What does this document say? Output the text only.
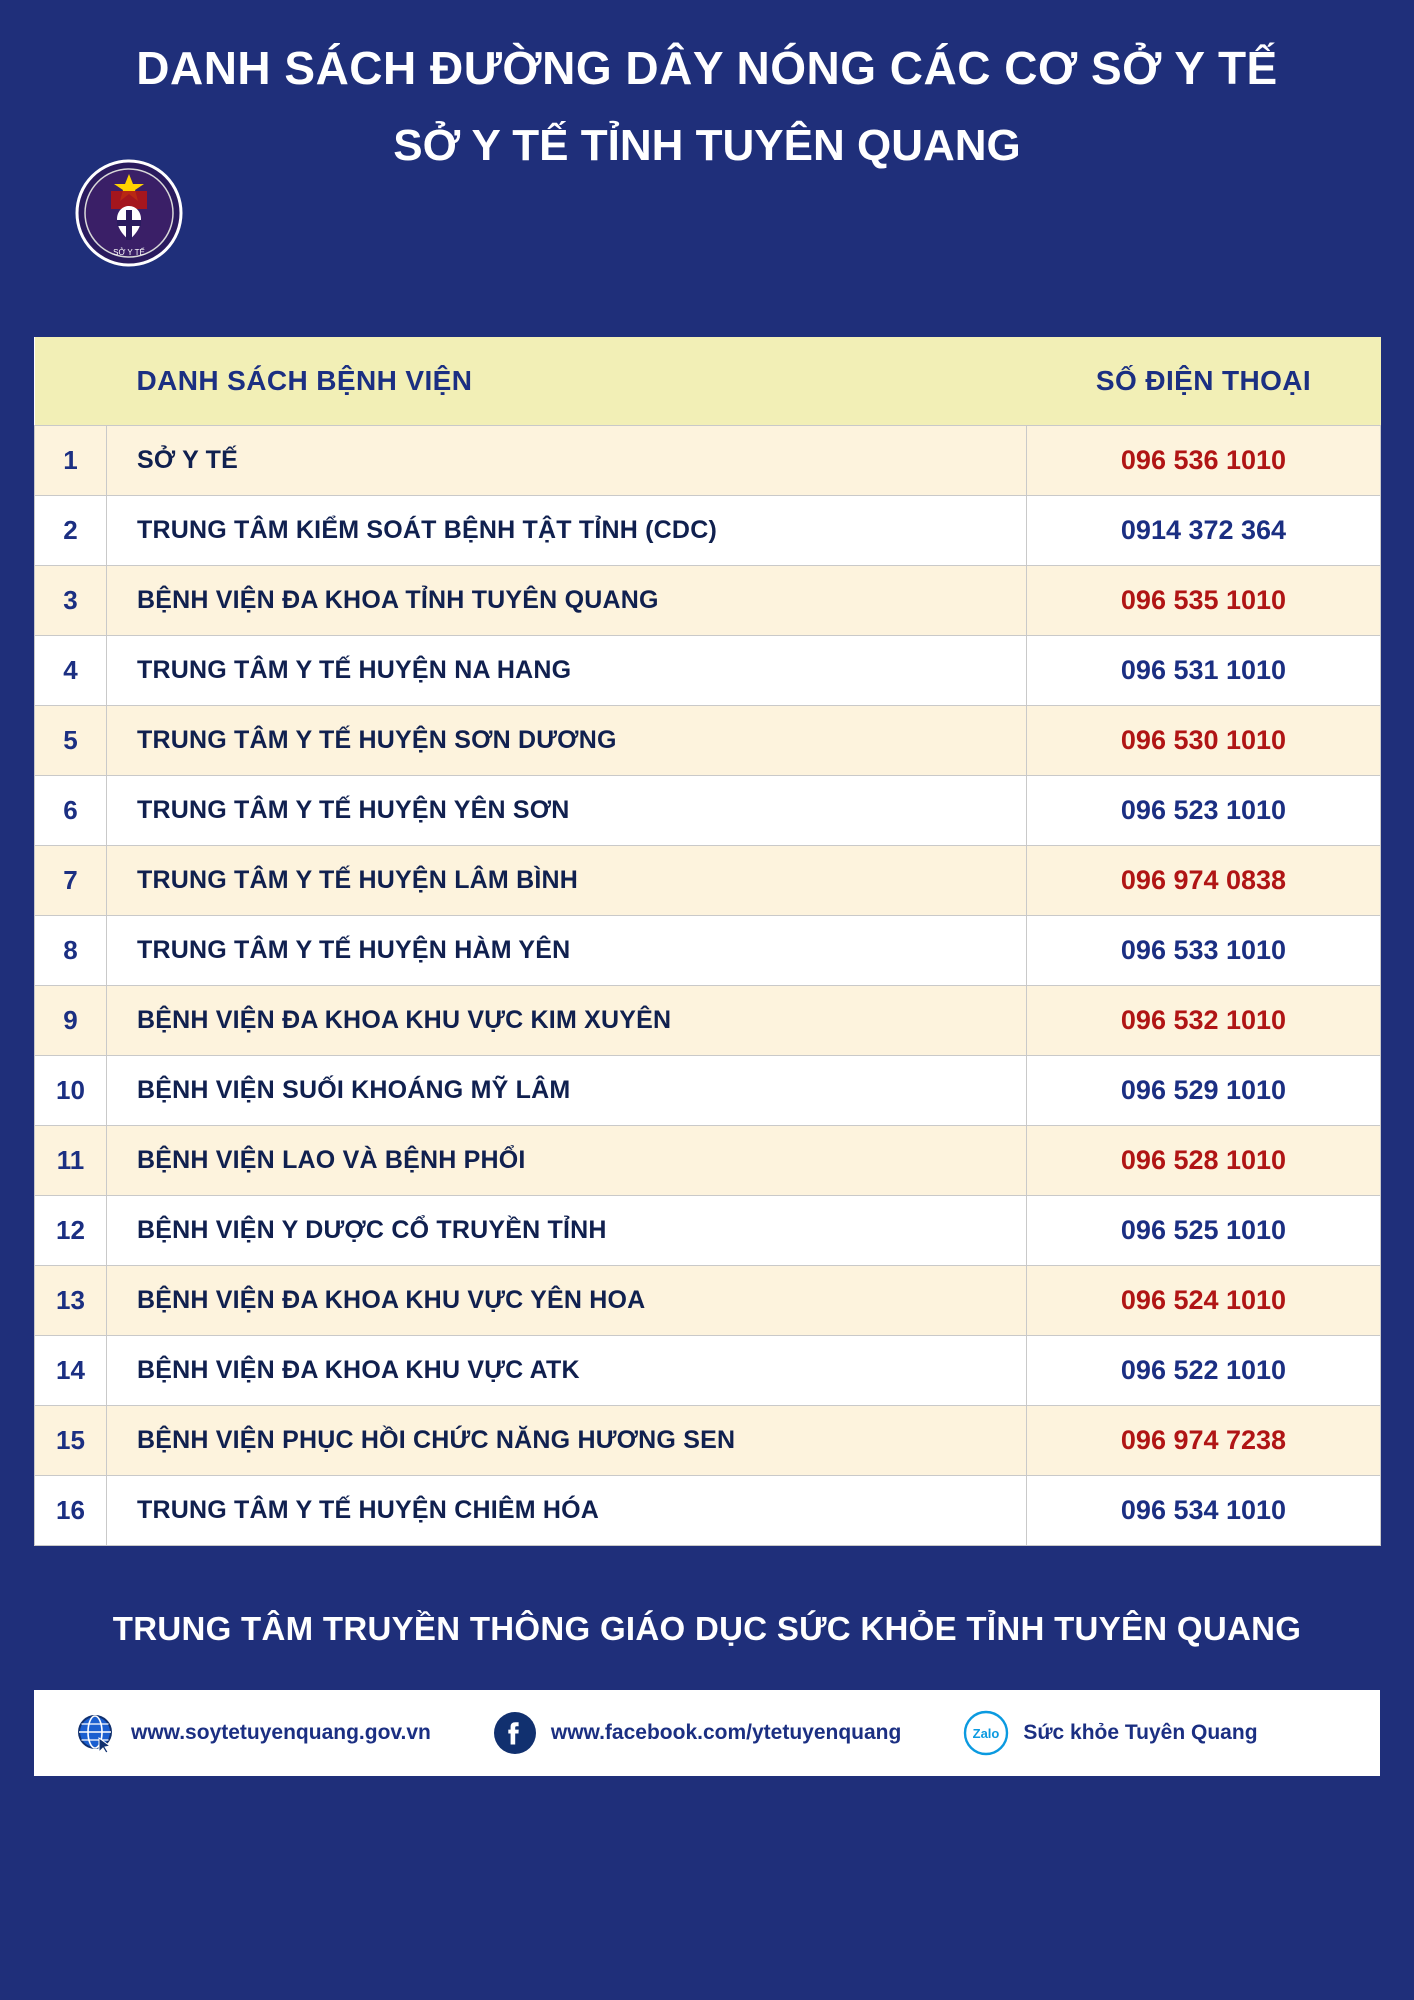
DANH SÁCH ĐƯỜNG DÂY NÓNG CÁC CƠ SỞ Y TẾ
SỞ Y TẾ TỈNH TUYÊN QUANG
SỞ Y TẾ
	DANH SÁCH BỆNH VIỆN	SỐ ĐIỆN THOẠI
1	SỞ Y TẾ	096 536 1010
2	TRUNG TÂM KIỂM SOÁT BỆNH TẬT TỈNH (CDC)	0914 372 364
3	BỆNH VIỆN ĐA KHOA TỈNH TUYÊN QUANG	096 535 1010
4	TRUNG TÂM Y TẾ HUYỆN NA HANG	096 531 1010
5	TRUNG TÂM Y TẾ HUYỆN SƠN DƯƠNG	096 530 1010
6	TRUNG TÂM Y TẾ HUYỆN YÊN SƠN	096 523 1010
7	TRUNG TÂM Y TẾ HUYỆN LÂM BÌNH	096 974 0838
8	TRUNG TÂM Y TẾ HUYỆN HÀM YÊN	096 533 1010
9	BỆNH VIỆN ĐA KHOA KHU VỰC KIM XUYÊN	096 532 1010
10	BỆNH VIỆN SUỐI KHOÁNG MỸ LÂM	096 529 1010
11	BỆNH VIỆN LAO VÀ BỆNH PHỔI	096 528 1010
12	BỆNH VIỆN Y DƯỢC CỔ TRUYỀN TỈNH	096 525 1010
13	BỆNH VIỆN ĐA KHOA KHU VỰC YÊN HOA	096 524 1010
14	BỆNH VIỆN ĐA KHOA KHU VỰC ATK	096 522 1010
15	BỆNH VIỆN PHỤC HỒI CHỨC NĂNG HƯƠNG SEN	096 974 7238
16	TRUNG TÂM Y TẾ HUYỆN CHIÊM HÓA	096 534 1010
TRUNG TÂM TRUYỀN THÔNG GIÁO DỤC SỨC KHỎE TỈNH TUYÊN QUANG
www.soytetuyenquang.gov.vn	www.facebook.com/ytetuyenquang	Zalo Sức khỏe Tuyên Quang
